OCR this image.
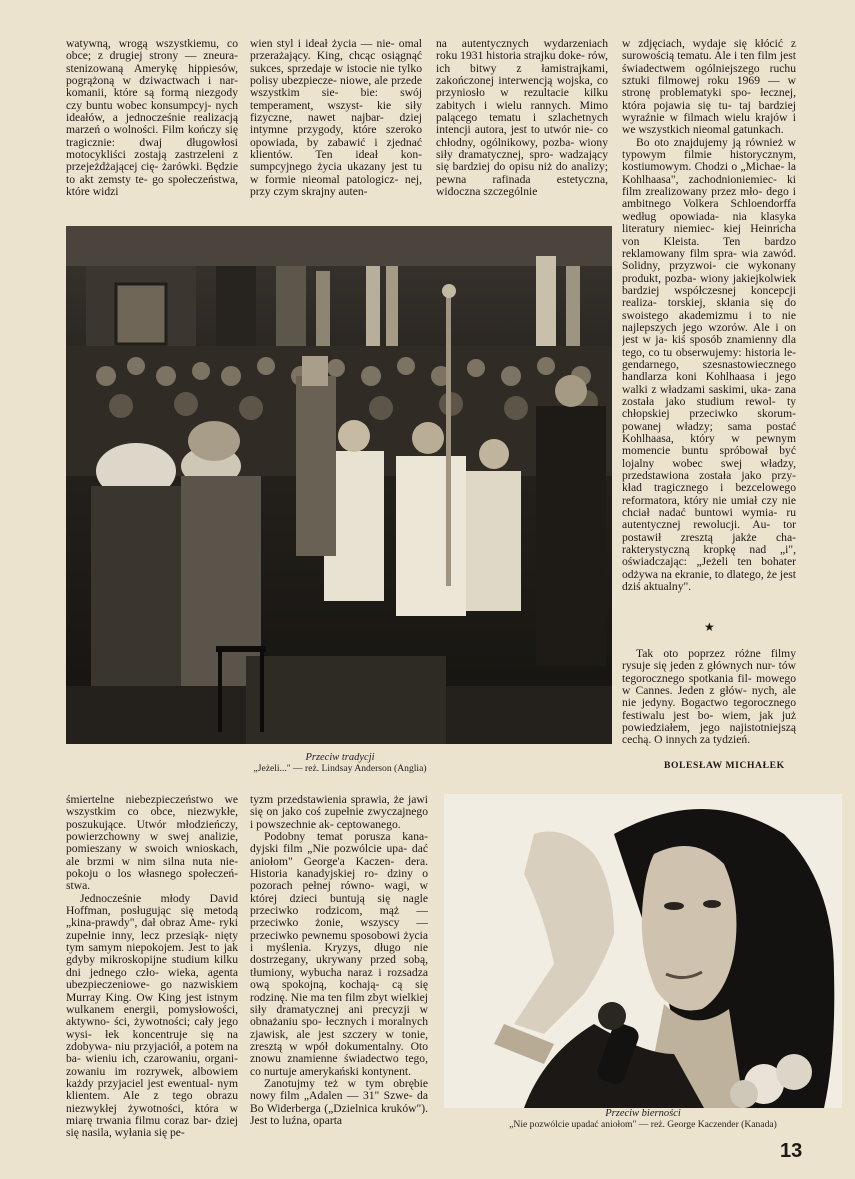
watywną, wrogą wszystkiemu, co obce; z drugiej strony — zneura- stenizowaną Amerykę hippiesów, pogrążoną w dziwactwach i nar- komanii, które są formą niezgody czy buntu wobec konsumpcyj- nych ideałów, a jednocześnie realizacją marzeń o wolności. Film kończy się tragicznie: dwaj długowłosi motocykliści zostają zastrzeleni z przejeżdżającej cię- żarówki. Będzie to akt zemsty te- go społeczeństwa, które widzi

wien styl i ideał życia — nie- omal przerażający. King, chcąc osiągnąć sukces, sprzedaje w istocie nie tylko polisy ubezpiecze- niowe, ale przede wszystkim sie- bie: swój temperament, wszyst- kie siły fizyczne, nawet najbar- dziej intymne przygody, które szeroko opowiada, by zabawić i zjednać klientów. Ten ideał kon- sumpcyjnego życia ukazany jest tu w formie nieomal patologicz- nej, przy czym skrajny auten-

na autentycznych wydarzeniach roku 1931 historia strajku doke- rów, ich bitwy z łamistrajkami, zakończonej interwencją wojska, co przyniosło w rezultacie kilku zabitych i wielu rannych. Mimo palącego tematu i szlachetnych intencji autora, jest to utwór nie- co chłodny, ogólnikowy, pozba- wiony siły dramatycznej, spro- wadzający się bardziej do opisu niż do analizy; pewna rafinada estetyczna, widoczna szczególnie

w zdjęciach, wydaje się kłócić z surowością tematu. Ale i ten film jest świadectwem ogólniejszego ruchu sztuki filmowej roku 1969 — w stronę problematyki spo- łecznej, która pojawia się tu- taj bardziej wyraźnie w filmach wielu krajów i we wszystkich nieomal gatunkach.

Bo oto znajdujemy ją również w typowym filmie historycznym, kostiumowym. Chodzi o „Michae- la Kohlhaasa", zachodnioniemiec- ki film zrealizowany przez mło- dego i ambitnego Volkera Schloendorffa według opowiada- nia klasyka literatury niemiec- kiej Heinricha von Kleista. Ten bardzo reklamowany film spra- wia zawód. Solidny, przyzwoi- cie wykonany produkt, pozba- wiony jakiejkolwiek bardziej współczesnej koncepcji realiza- torskiej, skłania się do swoistego akademizmu i to nie najlepszych jego wzorów. Ale i on jest w ja- kiś sposób znamienny dla tego, co tu obserwujemy: historia le- gendarnego, szesnastowiecznego handlarza koni Kohlhaasa i jego walki z władzami saskimi, uka- zana została jako studium rewol- ty chłopskiej przeciwko skorum- powanej władzy; sama postać Kohlhaasa, który w pewnym momencie buntu spróbował być lojalny wobec swej władzy, przedstawiona została jako przy- kład tragicznego i bezcelowego reformatora, który nie umiał czy nie chciał nadać buntowi wymia- ru autentycznej rewolucji. Au- tor postawił zresztą jakże cha- rakterystyczną kropkę nad „i", oświadczając: „Jeżeli ten bohater odżywa na ekranie, to dlatego, że jest dziś aktualny".

★

Tak oto poprzez różne filmy rysuje się jeden z głównych nur- tów tegorocznego spotkania fil- mowego w Cannes. Jeden z głów- nych, ale nie jedyny. Bogactwo tegorocznego festiwalu jest bo- wiem, jak już powiedziałem, jego najistotniejszą cechą. O innych za tydzień.

BOLESŁAW MICHAŁEK
Przeciw tradycji
„Jeżeli..." — reż. Lindsay Anderson (Anglia)

śmiertelne niebezpieczeństwo we wszystkim co obce, niezwykłe, poszukujące. Utwór młodzieńczy, powierzchowny w swej analizie, pomieszany w swoich wnioskach, ale brzmi w nim silna nuta nie- pokoju o los własnego społeczeń- stwa.

Jednocześnie młody David Hoffman, posługując się metodą „kina-prawdy", dał obraz Ame- ryki zupełnie inny, lecz przesiąk- nięty tym samym niepokojem. Jest to jak gdyby mikroskopijne studium kilku dni jednego czło- wieka, agenta ubezpieczeniowe- go nazwiskiem Murray King. Ow King jest istnym wulkanem energii, pomysłowości, aktywno- ści, żywotności; cały jego wysi- łek koncentruje się na zdobywa- niu przyjaciół, a potem na ba- wieniu ich, czarowaniu, organi- zowaniu im rozrywek, albowiem każdy przyjaciel jest ewentual- nym klientem. Ale z tego obrazu niezwykłej żywotności, która w miarę trwania filmu coraz bar- dziej się nasila, wyłania się pe-

tyzm przedstawienia sprawia, że jawi się on jako coś zupełnie zwyczajnego i powszechnie ak- ceptowanego.

Podobny temat porusza kana- dyjski film „Nie pozwólcie upa- dać aniołom" George'a Kaczen- dera. Historia kanadyjskiej ro- dziny o pozorach pełnej równo- wagi, w której dzieci buntują się nagle przeciwko rodzicom, mąż — przeciwko żonie, wszyscy — przeciwko pewnemu sposobowi życia i myślenia. Kryzys, długo nie dostrzegany, ukrywany przed sobą, tłumiony, wybucha naraz i rozsadza ową spokojną, kochają- cą się rodzinę. Nie ma ten film zbyt wielkiej siły dramatycznej ani precyzji w obnażaniu spo- łecznych i moralnych zjawisk, ale jest szczery w tonie, zresztą w wpół dokumentalny. Oto znowu znamienne świadectwo tego, co nurtuje amerykański kontynent.

Zanotujmy też w tym obrębie nowy film „Adalen — 31" Szwe- da Bo Widerberga („Dzielnica kruków"). Jest to luźna, oparta

Przeciw bierności
„Nie pozwólcie upadać aniołom" — reż. George Kaczender (Kanada)
13
